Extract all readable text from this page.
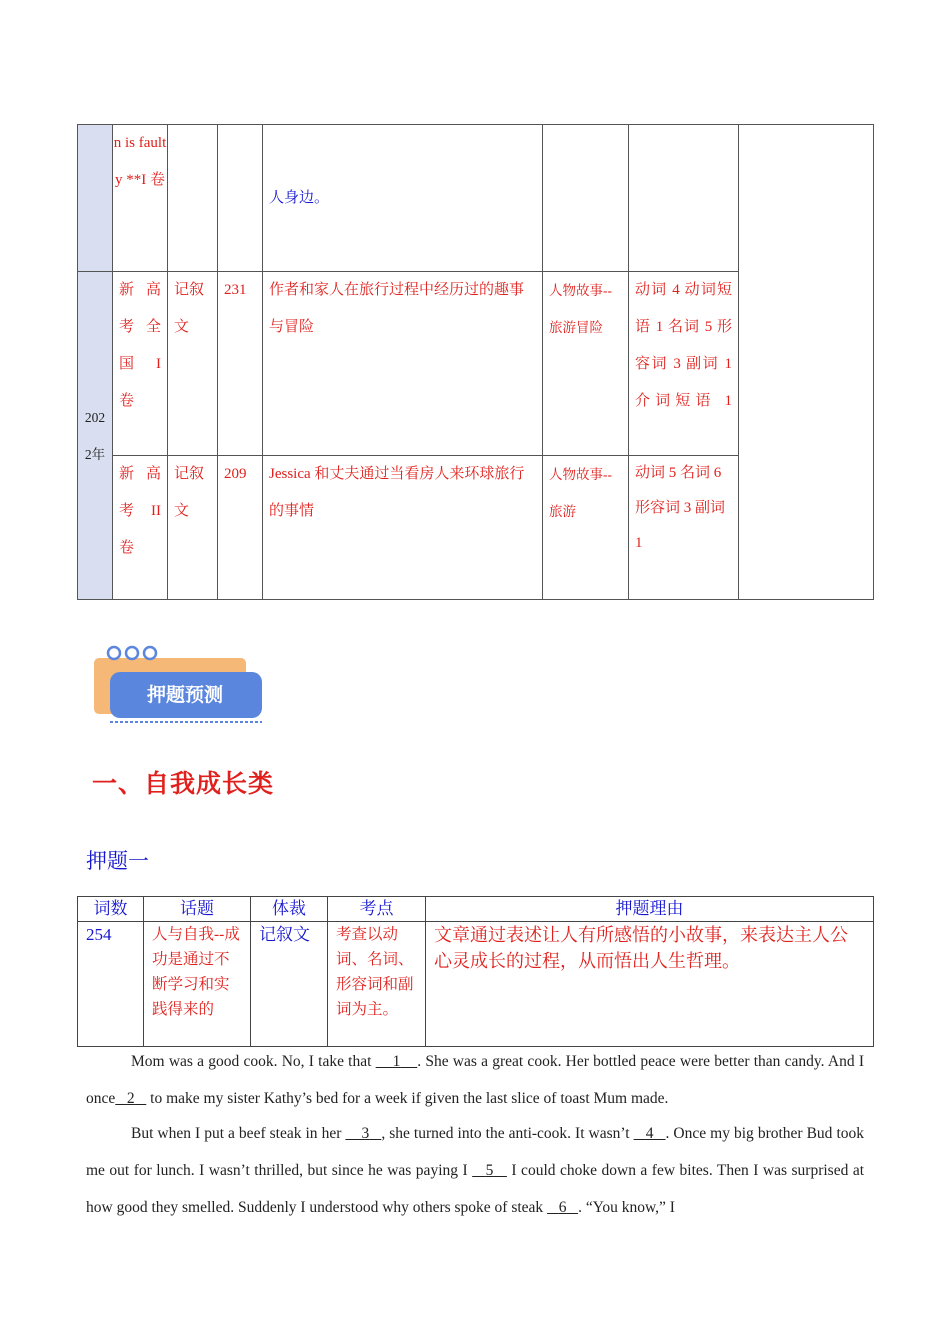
	n is fault y **I 卷			人身边。			
2022年	新高考全国 I 卷	记叙文	231	作者和家人在旅行过程中经历过的趣事与冒险	人物故事--旅游冒险	动词 4 动词短语 1 名词 5 形容词 3 副词 1 介词短语 1	
	新高考 II 卷	记叙文	209	Jessica 和丈夫通过当看房人来环球旅行的事情	人物故事--旅游	动词 5 名词 6 形容词 3 副词 1	
押题预测
一、自我成长类
押题一
词数	话题	体裁	考点	押题理由
254	人与自我--成功是通过不断学习和实践得来的	记叙文	考查以动词、名词、形容词和副词为主。	文章通过表述让人有所感悟的小故事，来表达主人公心灵成长的过程，从而悟出人生哲理。
Mom was a good cook. No, I take that     1 . She was a great cook. Her bottled peace were better than candy. And I once 2    to make my sister Kathy’s bed for a week if given the last slice of toast Mum made.
But when I put a beef steak in her     3 , she turned into the anti-cook. It wasn’t    4 . Once my big brother Bud took me out for lunch. I wasn’t thrilled, but since he was paying I    5    I could choke down a few bites. Then I was surprised at how good they smelled. Suddenly I understood why others spoke of steak    6 . “You know,” I
